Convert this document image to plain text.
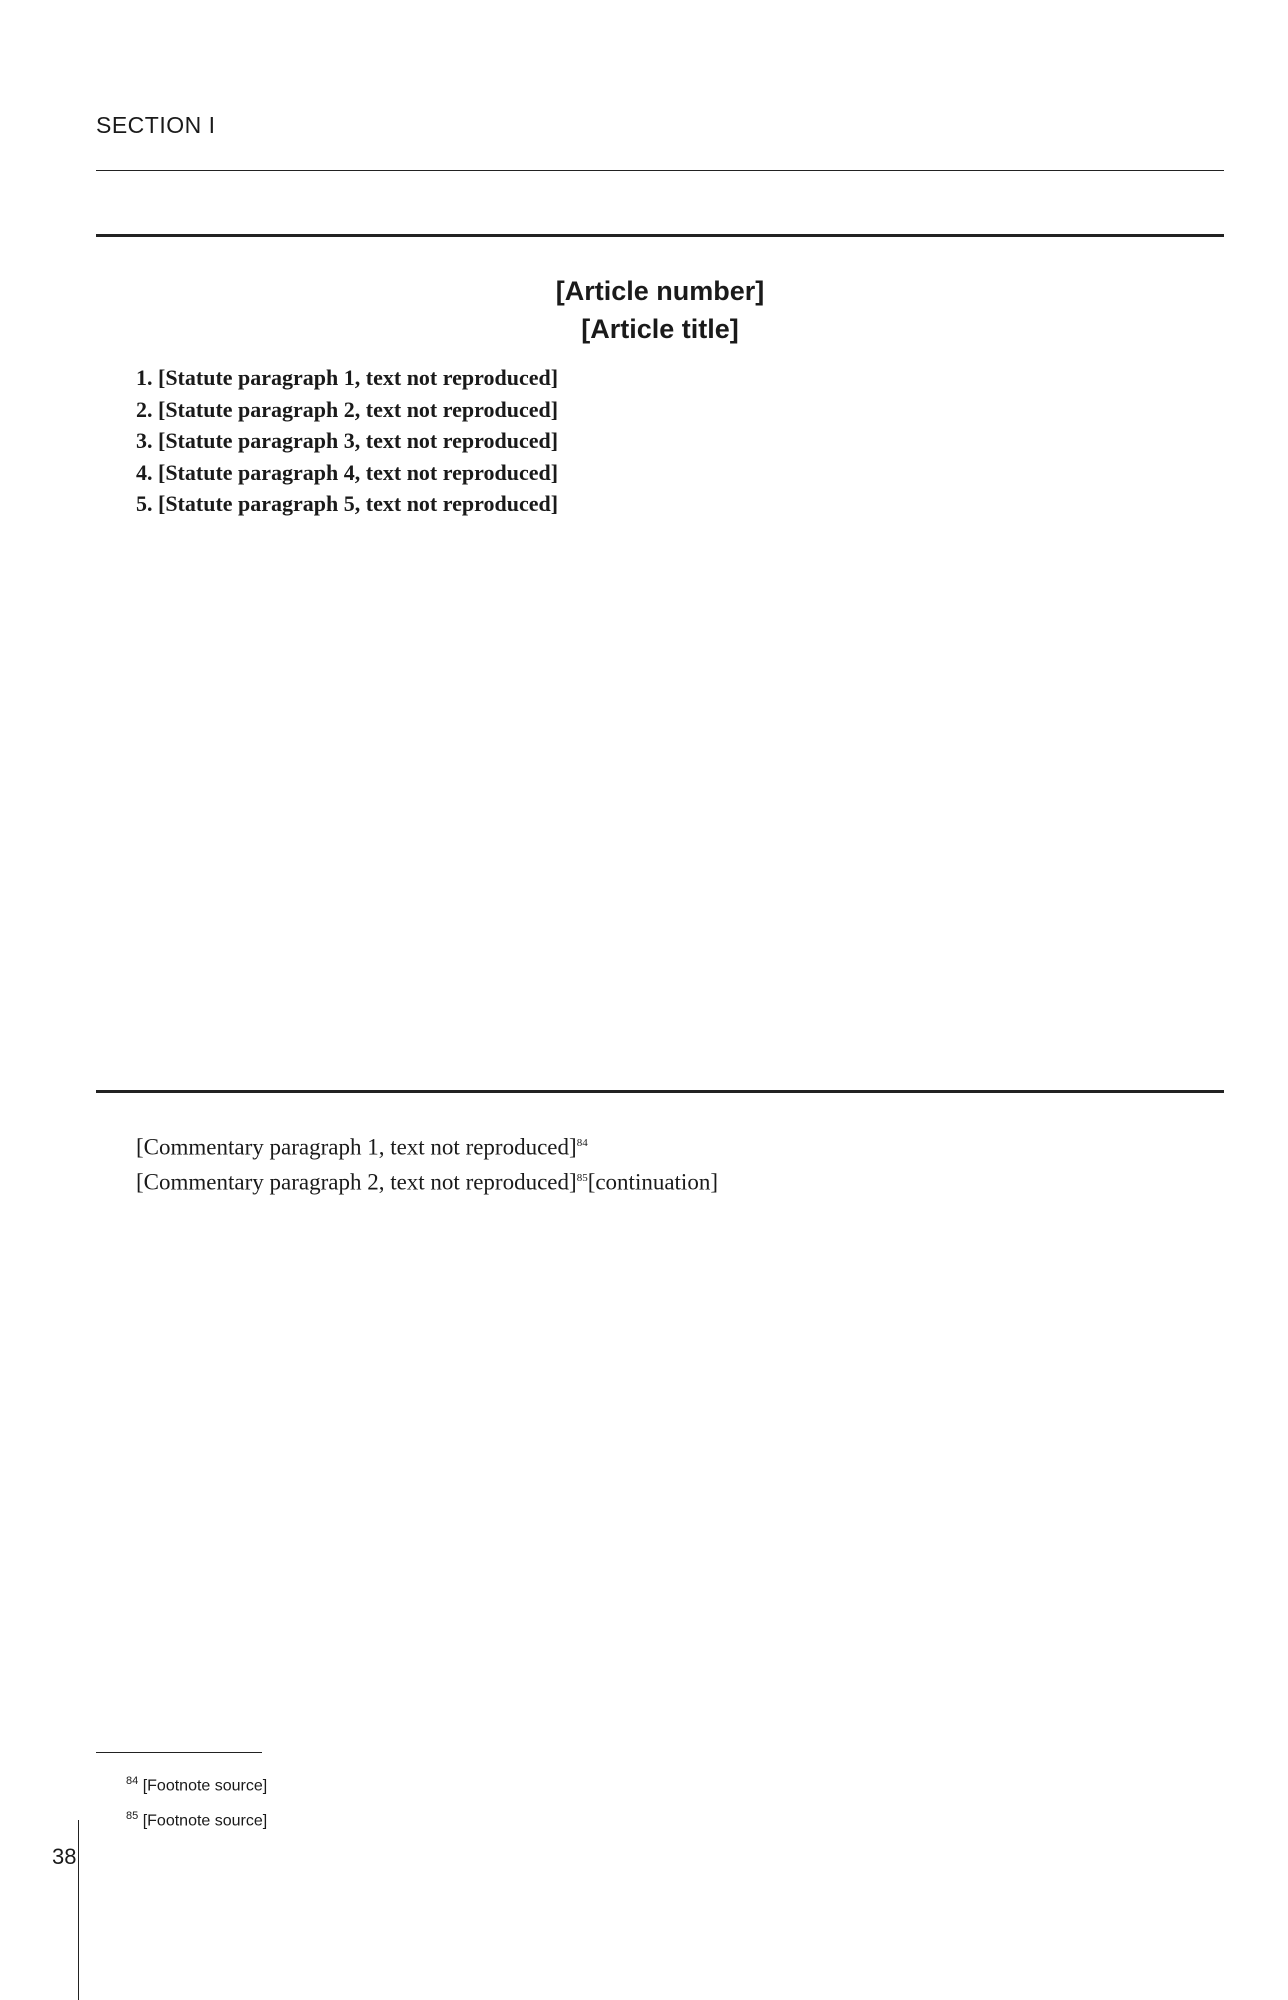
SECTION I
[Article number]
[Article title]

1. [Statute paragraph 1, text not reproduced]

2. [Statute paragraph 2, text not reproduced]

3. [Statute paragraph 3, text not reproduced]

4. [Statute paragraph 4, text not reproduced]

5. [Statute paragraph 5, text not reproduced]

[Commentary paragraph 1, text not reproduced]$^{84}$

[Commentary paragraph 2, text not reproduced]$^{85}$[continuation]

$^{84}$ [Footnote source]
$^{85}$ [Footnote source]
38
